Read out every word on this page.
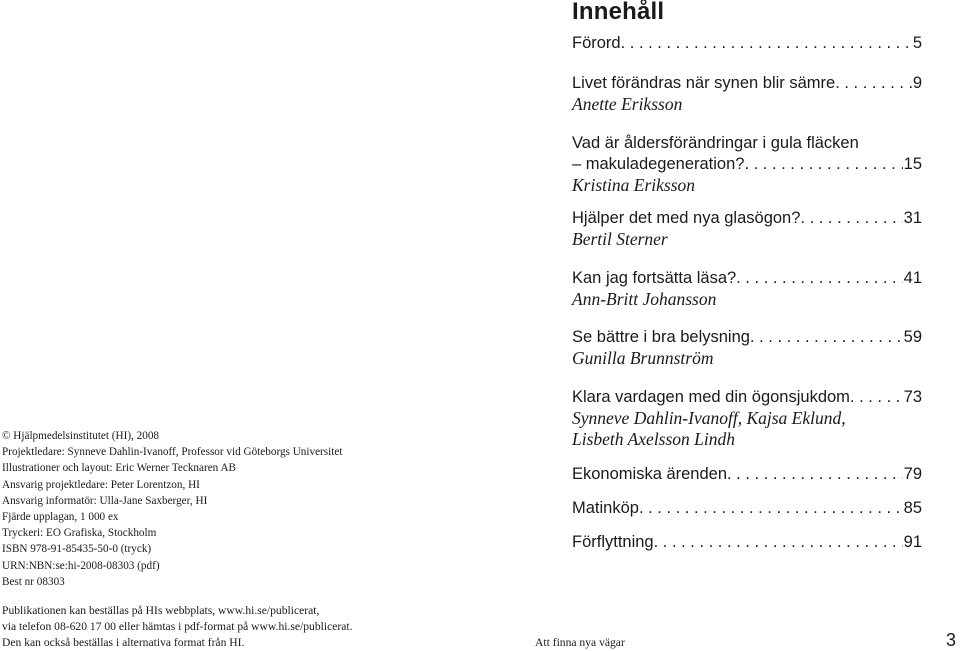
Innehåll
Förord . . .	5
Livet förändras när synen blir sämre . . .	9
Anette Eriksson
Vad är åldersförändringar i gula fläcken
– makuladegeneration? . . .	15
Kristina Eriksson
Hjälper det med nya glasögon? . . .	31
Bertil Sterner
Kan jag fortsätta läsa? . . .	41
Ann-Britt Johansson
Se bättre i bra belysning . . .	59
Gunilla Brunnström
Klara vardagen med din ögonsjukdom . . .	73
Synneve Dahlin-Ivanoff, Kajsa Eklund,
Lisbeth Axelsson Lindh
Ekonomiska ärenden . . .	79
Matinköp . . .	85
Förflyttning . . .	91
© Hjälpmedelsinstitutet (HI), 2008
Projektledare: Synneve Dahlin-Ivanoff, Professor vid Göteborgs Universitet
Illustrationer och layout: Eric Werner Tecknaren AB
Ansvarig projektledare: Peter Lorentzon, HI
Ansvarig informatör: Ulla-Jane Saxberger, HI
Fjärde upplagan, 1 000 ex
Tryckeri: EO Grafiska, Stockholm
ISBN 978-91-85435-50-0 (tryck)
URN:NBN:se:hi-2008-08303 (pdf)
Best nr 08303
Publikationen kan beställas på HIs webbplats, www.hi.se/publicerat,
via telefon 08-620 17 00 eller hämtas i pdf-format på www.hi.se/publicerat.
Den kan också beställas i alternativa format från HI.	Att finna nya vägar	3
